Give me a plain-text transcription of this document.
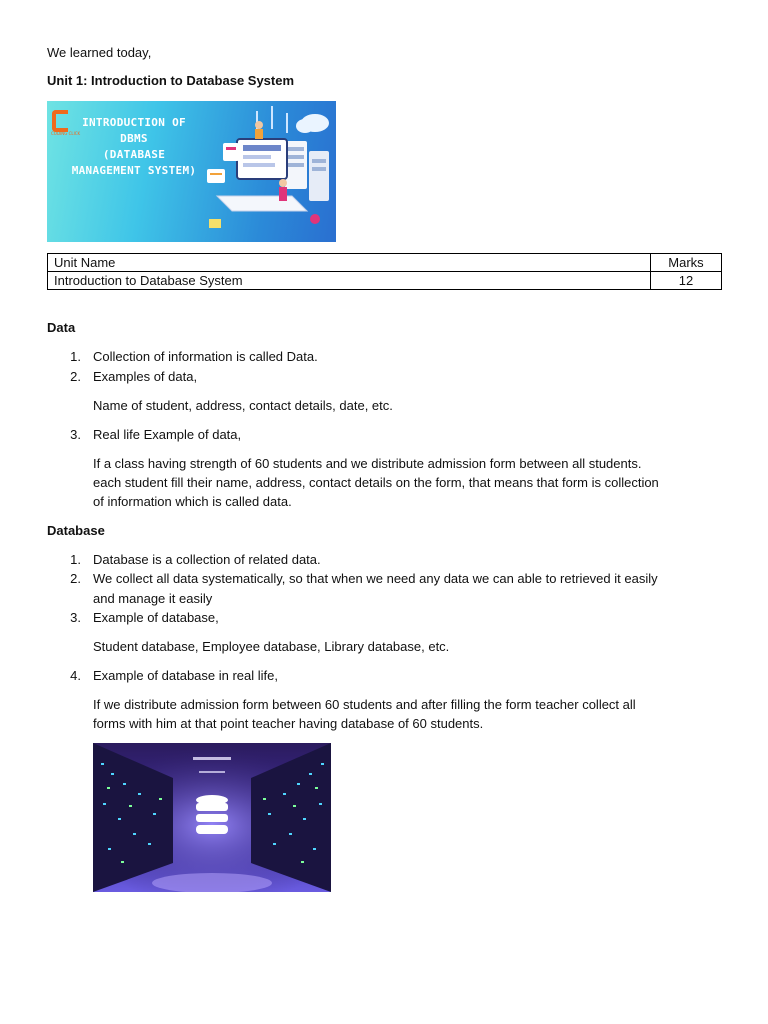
We learned today,
Unit 1: Introduction to Database System
CODING CLICK
INTRODUCTION OF
DBMS
(DATABASE
MANAGEMENT SYSTEM)
Unit Name	Marks
Introduction to Database System	12
Data
1. Collection of information is called Data.
2. Examples of data,
Name of student, address, contact details, date, etc.
3. Real life Example of data,
If a class having strength of 60 students and we distribute admission form between all students.
each student fill their name, address, contact details on the form, that means that form is collection
of information which is called data.
Database
1. Database is a collection of related data.
2. We collect all data systematically, so that when we need any data we can able to retrieved it easily
and manage it easily
3. Example of database,
Student database, Employee database, Library database, etc.
4. Example of database in real life,
If we distribute admission form between 60 students and after filling the form teacher collect all
forms with him at that point teacher having database of 60 students.
